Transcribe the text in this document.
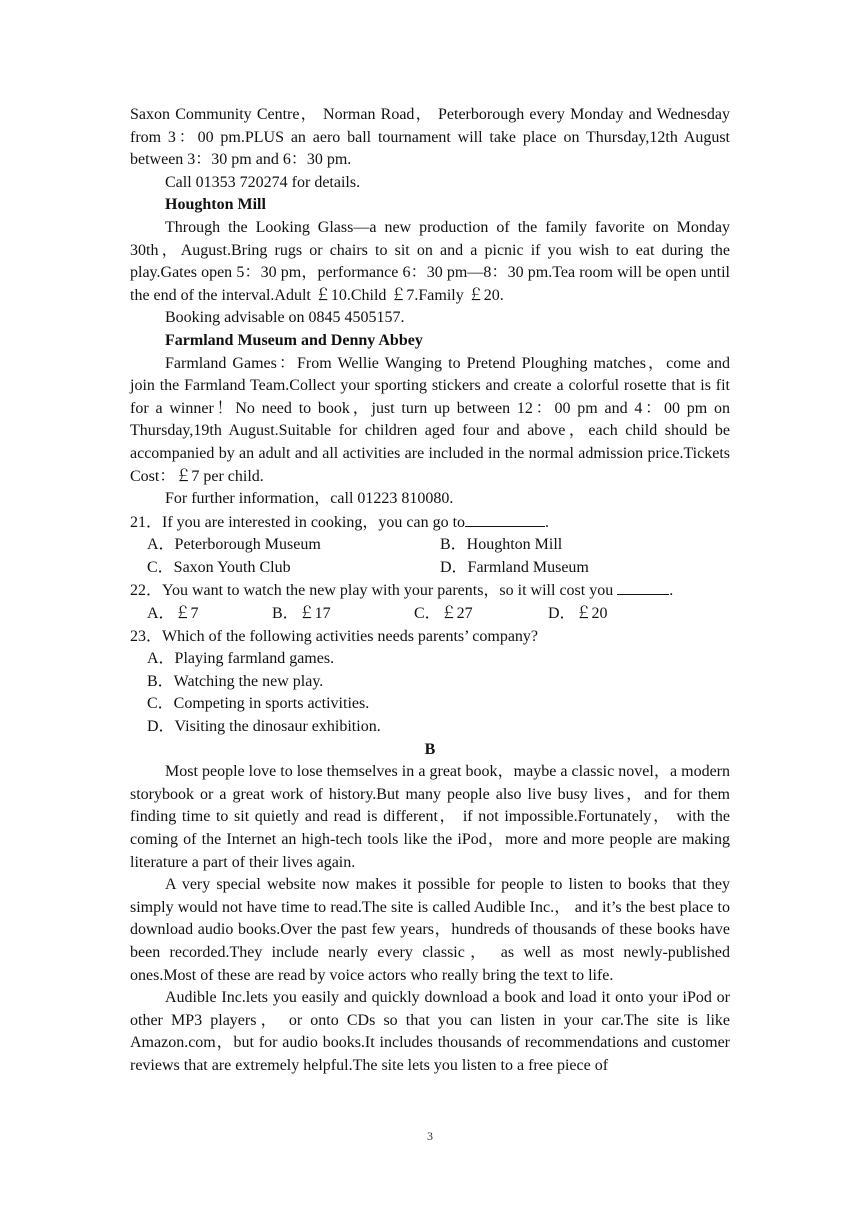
Saxon Community Centre， Norman Road， Peterborough every Monday and Wednesday from 3：00 pm.PLUS an aero ball tournament will take place on Thursday,12th August between 3：30 pm and 6：30 pm.

Call 01353 720274 for details.

Houghton Mill

Through the Looking Glass—a new production of the family favorite on Monday 30th，August.Bring rugs or chairs to sit on and a picnic if you wish to eat during the play.Gates open 5：30 pm，performance 6：30 pm—8：30 pm.Tea room will be open until the end of the interval.Adult ￡10.Child ￡7.Family ￡20.

Booking advisable on 0845 4505157.

Farmland Museum and Denny Abbey

Farmland Games：From Wellie Wanging to Pretend Ploughing matches，come and join the Farmland Team.Collect your sporting stickers and create a colorful rosette that is fit for a winner！No need to book，just turn up between 12：00 pm and 4：00 pm on Thursday,19th August.Suitable for children aged four and above，each child should be accompanied by an adult and all activities are included in the normal admission price.Tickets Cost：￡7 per child.

For further information，call 01223 810080.

21．If you are interested in cooking，you can go to	.

A．Peterborough Museum	B．Houghton Mill
C．Saxon Youth Club	D．Farmland Museum

22．You want to watch the new play with your parents，so it will cost you	.

A．￡7	B．￡17	C．￡27	D．￡20

23．Which of the following activities needs parents’ company?

A．Playing farmland games.

B．Watching the new play.

C．Competing in sports activities.

D．Visiting the dinosaur exhibition.

B

Most people love to lose themselves in a great book，maybe a classic novel，a modern storybook or a great work of history.But many people also live busy lives，and for them finding time to sit quietly and read is different， if not impossible.Fortunately， with the coming of the Internet an high-tech tools like the iPod，more and more people are making literature a part of their lives again.

A very special website now makes it possible for people to listen to books that they simply would not have time to read.The site is called Audible Inc.， and it’s the best place to download audio books.Over the past few years，hundreds of thousands of these books have been recorded.They include nearly every classic， as well as most newly-published ones.Most of these are read by voice actors who really bring the text to life.

Audible Inc.lets you easily and quickly download a book and load it onto your iPod or other MP3 players， or onto CDs so that you can listen in your car.The site is like Amazon.com，but for audio books.It includes thousands of recommendations and customer reviews that are extremely helpful.The site lets you listen to a free piece of

3
